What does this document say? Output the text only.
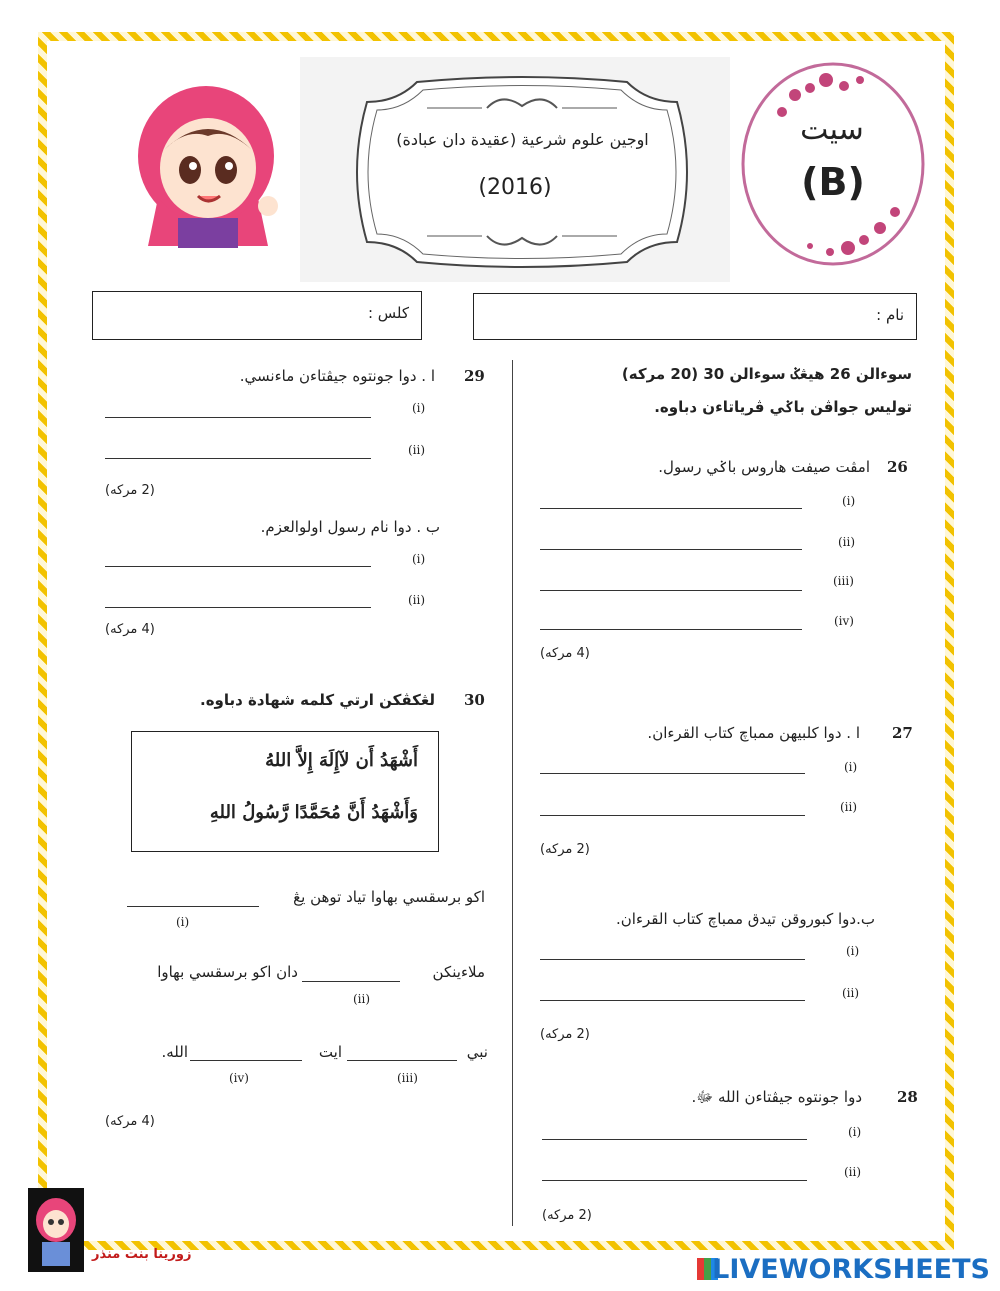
اوجين علوم شرعية (عقيدة دان عبادة)
(2016)
سيت
(B)
نام :
كلس :
سوءالن 26 هيڠݢ سوءالن 30 (20 مركه)
توليس جواڤن باݢي ڤرياتاءن دباوه.
26
امڤت صيفت هاروس باݢي رسول.
(i)
(ii)
(iii)
(iv)
(4 مركه)
27
ا . دوا كلبيهن ممباچ كتاب القرءان.
(i)
(ii)
(2 مركه)
ب.دوا كبوروقن تيدق ممباچ كتاب القرءان.
(i)
(ii)
(2 مركه)
28
دوا جونتوه جيڤتاءن الله ﷻ.
(i)
(ii)
(2 مركه)
29
ا . دوا جونتوه جيڤتاءن ماءنسي.
(i)
(ii)
(2 مركه)
ب . دوا نام رسول اولوالعزم.
(i)
(ii)
(4 مركه)
30
لڠكڤكن ارتي كلمه شهادة دباوه.
أَشْهَدُ أَن لآإِلَهَ إِلاَّ اللهُ
وَأَشْهَدُ أَنَّ مُحَمَّدًا رَّسُولُ اللهِ
اكو برسقسي بهاوا تياد توهن يڠ
(i)
ملاءينكن
دان اكو برسقسي بهاوا
(ii)
نبي
ايت
الله.
(iii)
(iv)
(4 مركه)
زورينا بنت منذر	LIVEWORKSHEETS
